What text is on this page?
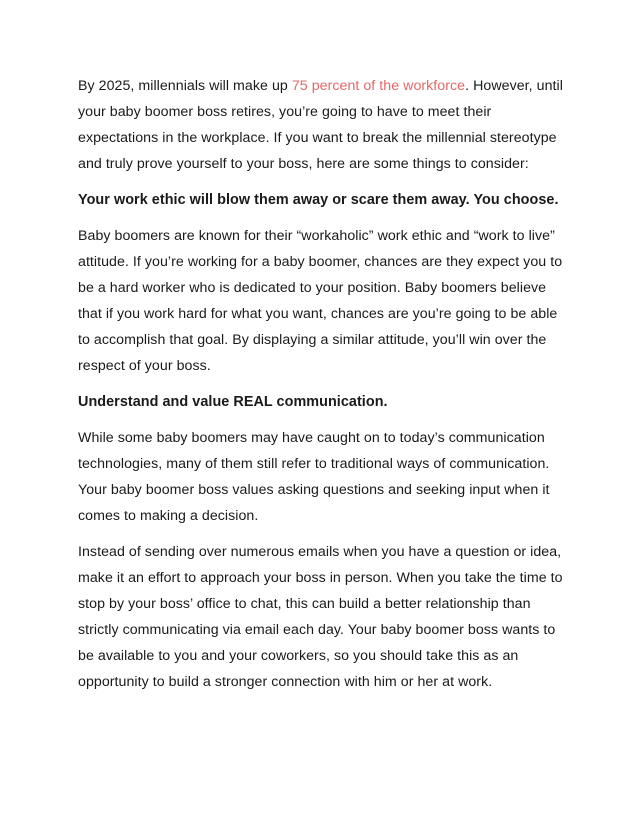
By 2025, millennials will make up 75 percent of the workforce. However, until your baby boomer boss retires, you’re going to have to meet their expectations in the workplace. If you want to break the millennial stereotype and truly prove yourself to your boss, here are some things to consider:

Your work ethic will blow them away or scare them away. You choose.

Baby boomers are known for their “workaholic” work ethic and “work to live” attitude. If you’re working for a baby boomer, chances are they expect you to be a hard worker who is dedicated to your position. Baby boomers believe that if you work hard for what you want, chances are you’re going to be able to accomplish that goal. By displaying a similar attitude, you’ll win over the respect of your boss.

Understand and value REAL communication.

While some baby boomers may have caught on to today’s communication technologies, many of them still refer to traditional ways of communication. Your baby boomer boss values asking questions and seeking input when it comes to making a decision.

Instead of sending over numerous emails when you have a question or idea, make it an effort to approach your boss in person. When you take the time to stop by your boss’ office to chat, this can build a better relationship than strictly communicating via email each day. Your baby boomer boss wants to be available to you and your coworkers, so you should take this as an opportunity to build a stronger connection with him or her at work.
